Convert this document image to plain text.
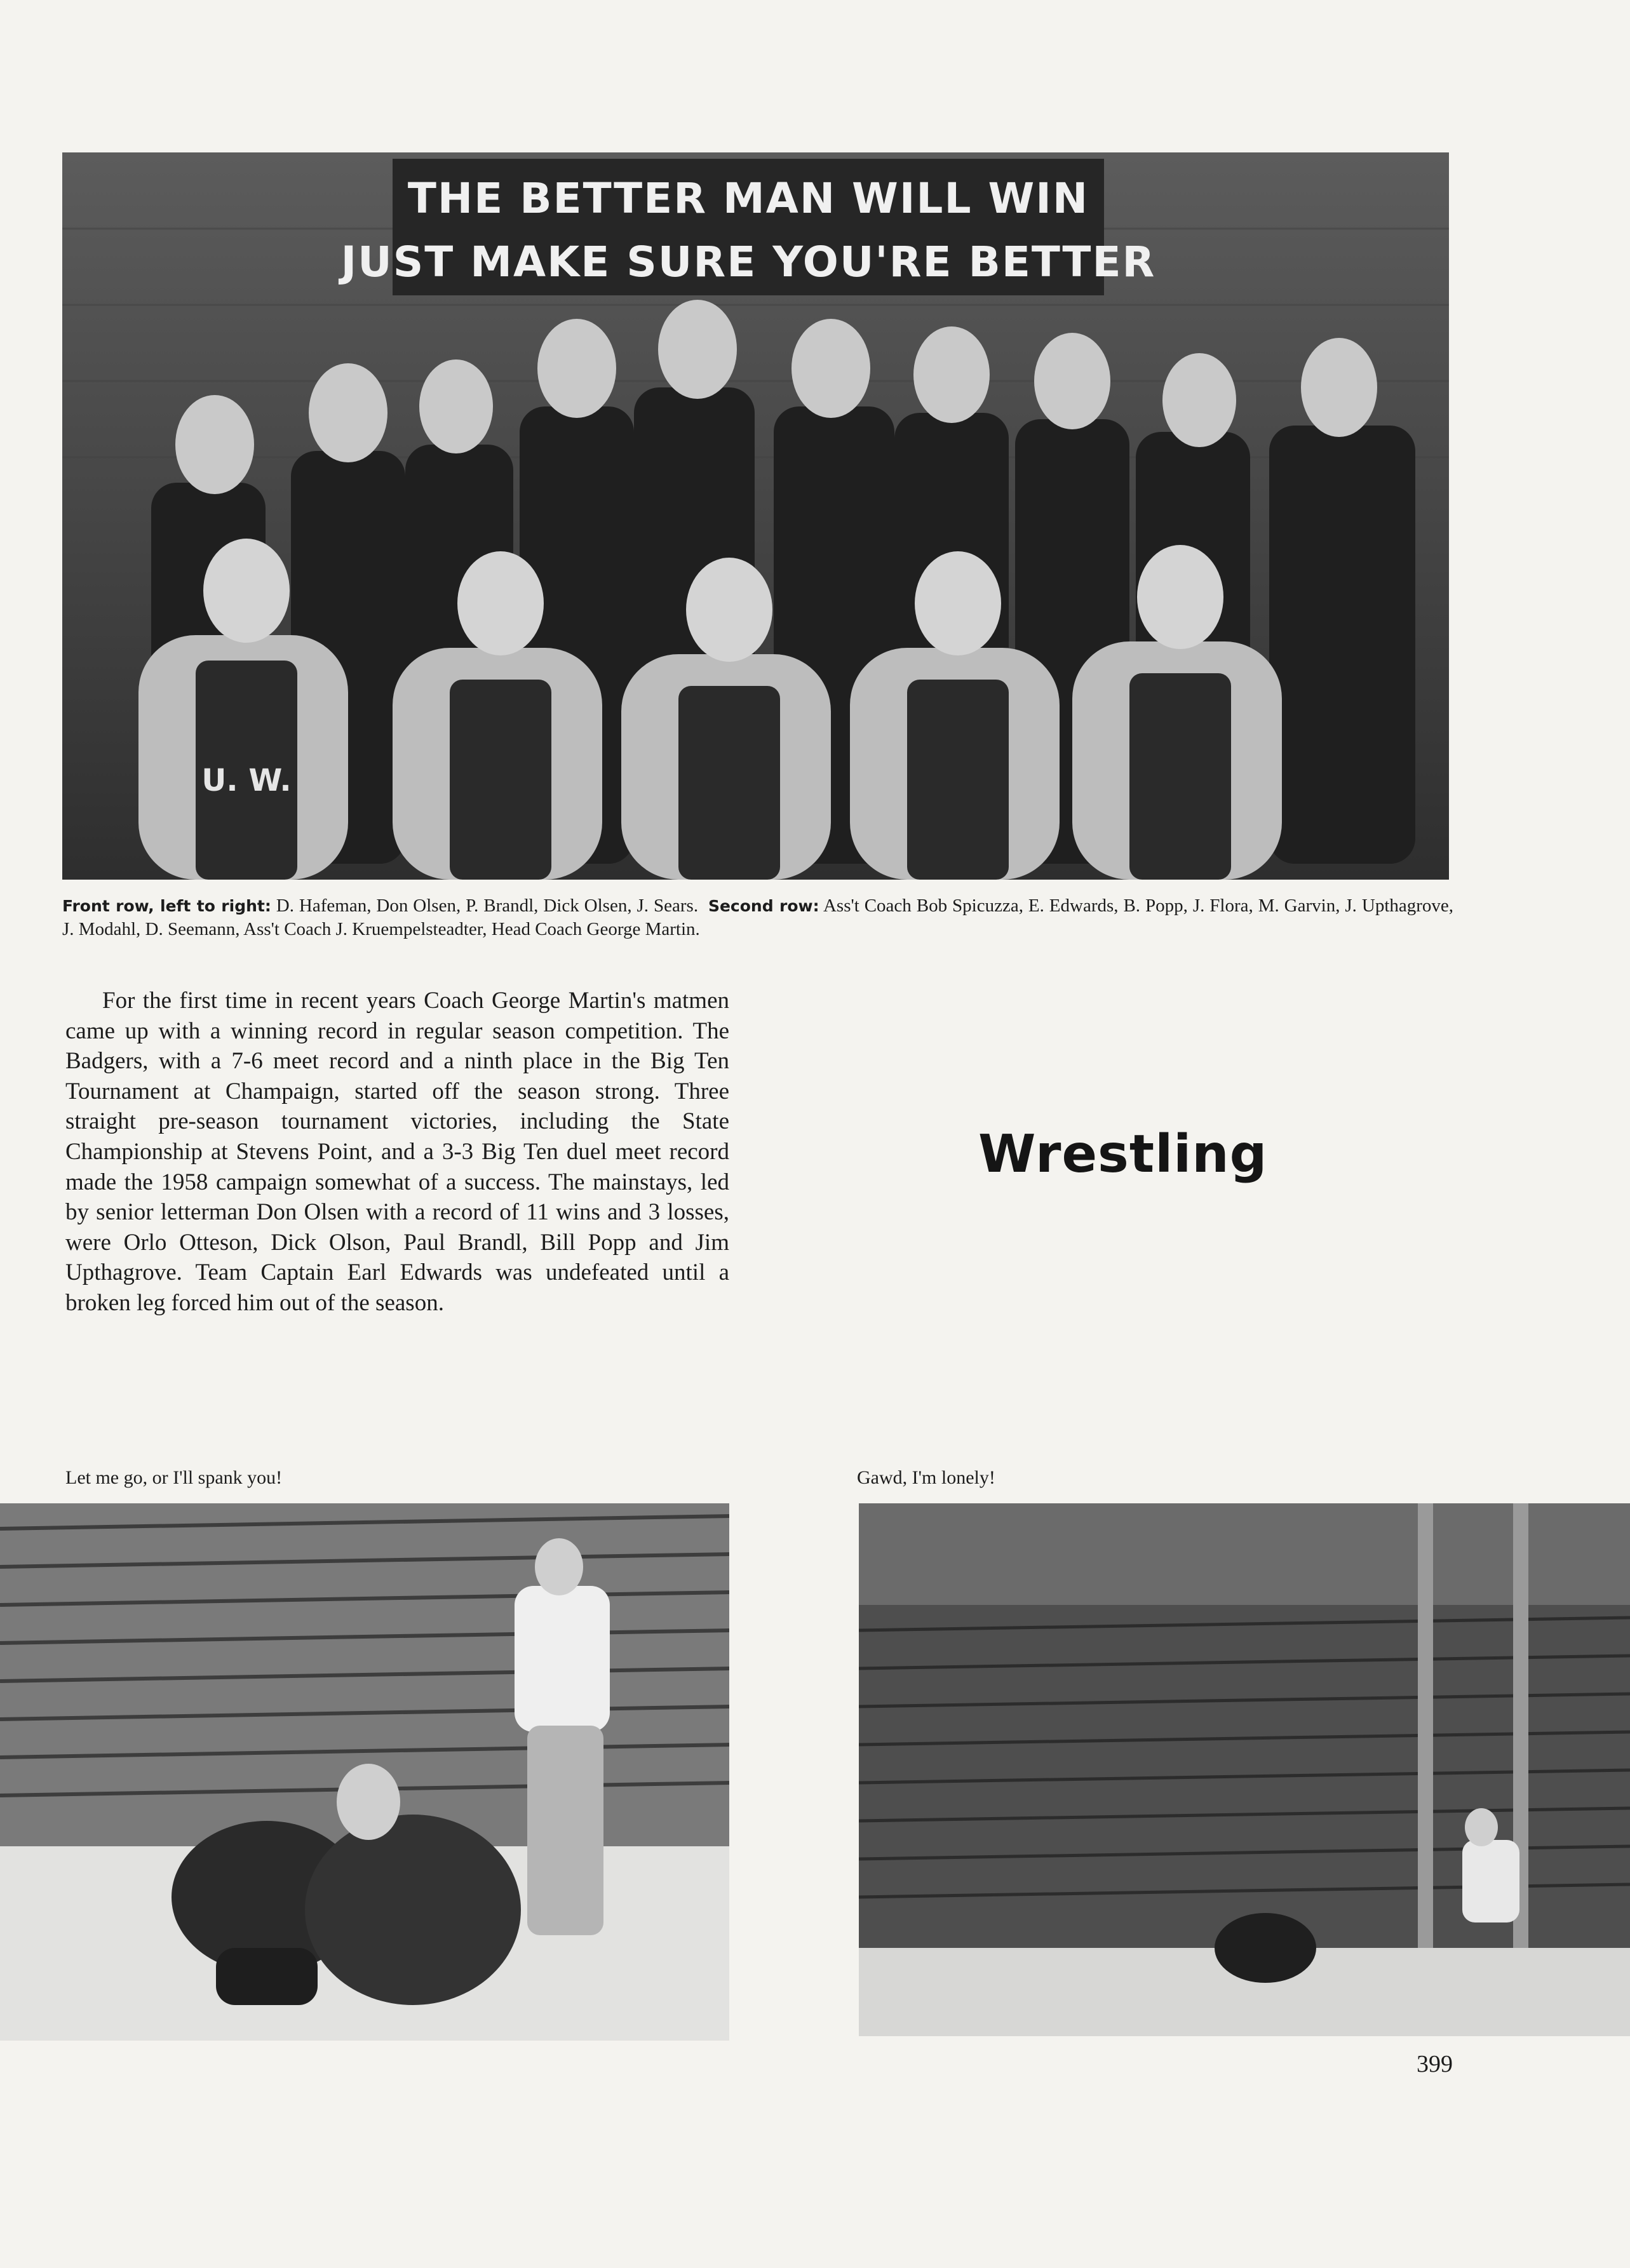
THE BETTER MAN WILL WIN
JUST MAKE SURE YOU'RE BETTER
U. W.
Front row, left to right: D. Hafeman, Don Olsen, P. Brandl, Dick Olsen, J. Sears. Second row: Ass't Coach Bob Spicuzza, E. Edwards, B. Popp, J. Flora, M. Garvin, J. Upthagrove, J. Modahl, D. Seemann, Ass't Coach J. Kruempelsteadter, Head Coach George Martin.
For the first time in recent years Coach George Martin's matmen came up with a winning record in regular season competition. The Badgers, with a 7-6 meet record and a ninth place in the Big Ten Tournament at Champaign, started off the season strong. Three straight pre-season tournament victories, including the State Championship at Stevens Point, and a 3-3 Big Ten duel meet record made the 1958 campaign somewhat of a success. The mainstays, led by senior letterman Don Olsen with a record of 11 wins and 3 losses, were Orlo Otteson, Dick Olson, Paul Brandl, Bill Popp and Jim Upthagrove. Team Captain Earl Edwards was undefeated until a broken leg forced him out of the season.
Wrestling
Let me go, or I'll spank you!	Gawd, I'm lonely!
399
